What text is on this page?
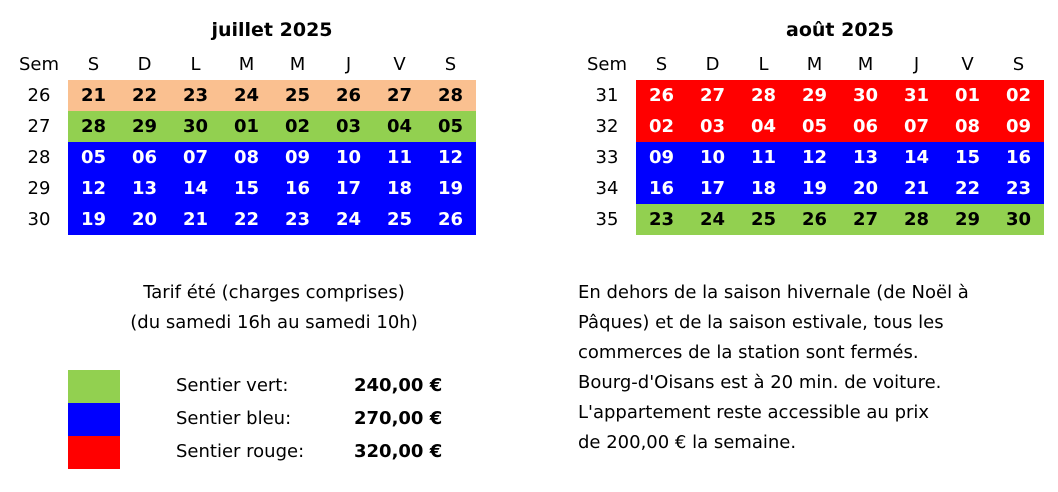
juillet 2025
Sem	S	D	L	M	M	J	V	S
26	21	22	23	24	25	26	27	28
27	28	29	30	01	02	03	04	05
28	05	06	07	08	09	10	11	12
29	12	13	14	15	16	17	18	19
30	19	20	21	22	23	24	25	26
août 2025
Sem	S	D	L	M	M	J	V	S
31	26	27	28	29	30	31	01	02
32	02	03	04	05	06	07	08	09
33	09	10	11	12	13	14	15	16
34	16	17	18	19	20	21	22	23
35	23	24	25	26	27	28	29	30
Tarif été (charges comprises)
(du samedi 16h au samedi 10h)
Sentier vert:	240,00 €
Sentier bleu:	270,00 €
Sentier rouge:	320,00 €
En dehors de la saison hivernale (de Noël à
Pâques) et de la saison estivale, tous les
commerces de la station sont fermés.
Bourg-d'Oisans est à 20 min. de voiture.
L'appartement reste accessible au prix
de 200,00 € la semaine.
